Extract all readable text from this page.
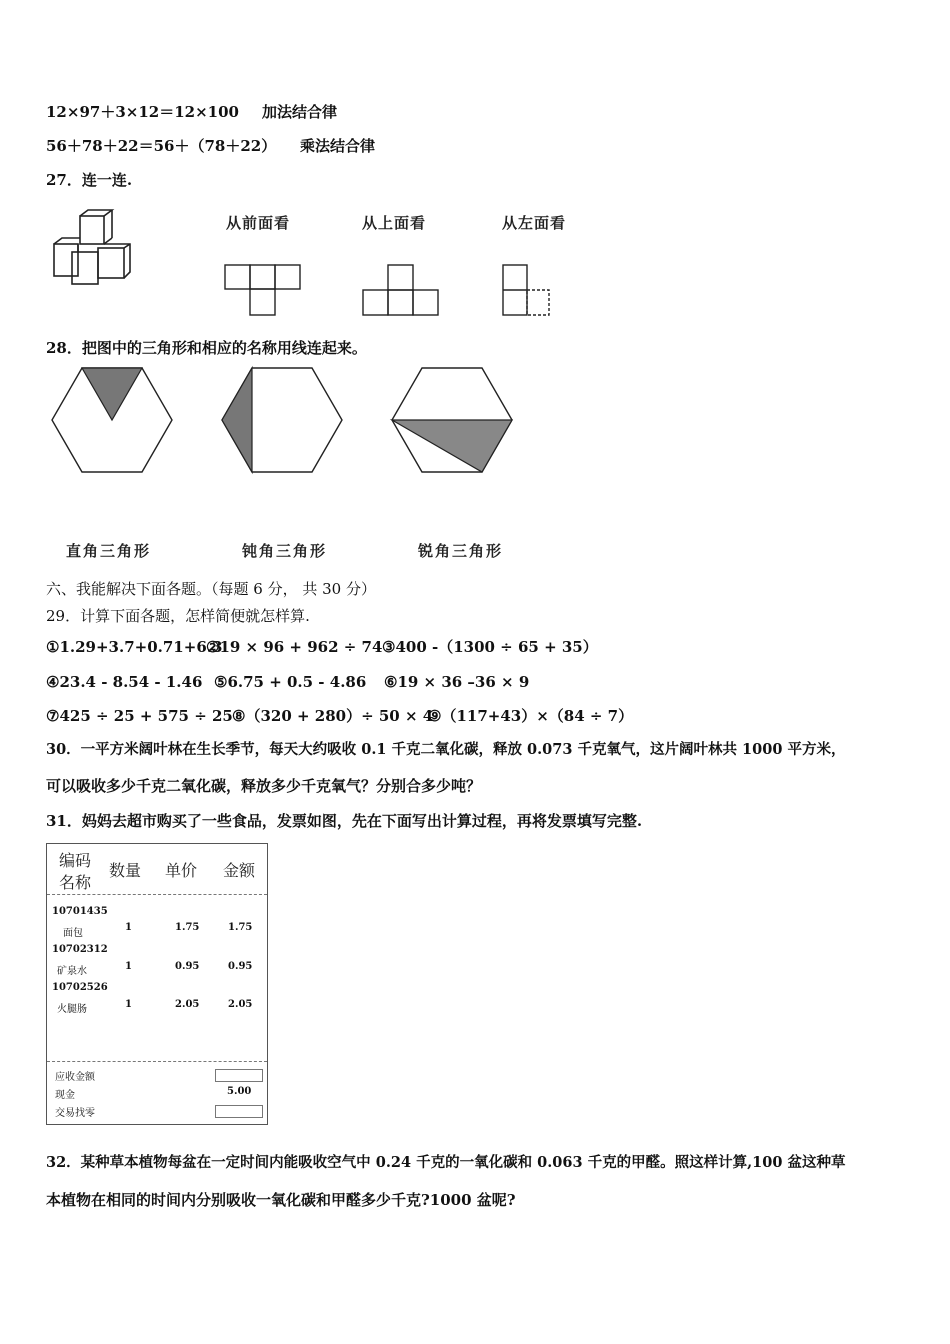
12×97＋3×12＝12×100 加法结合律
56＋78＋22＝56＋（78＋22） 乘法结合律
27．连一连.
从前面看	从上面看	从左面看
28．把图中的三角形和相应的名称用线连起来。
直角三角形	钝角三角形	锐角三角形
六、我能解决下面各题。（每题 6 分， 共 30 分）
29．计算下面各题，怎样简便就怎样算.
①1.29+3.7+0.71+6.3
②19 × 96 + 962 ÷ 74 ③400 -（1300 ÷ 65 + 35）
④23.4 - 8.54 - 1.46 ⑤6.75 + 0.5 - 4.86 ⑥19 × 36 –36 × 9
⑦425 ÷ 25 + 575 ÷ 25 ⑧（320 + 280）÷ 50 × 4
⑨（117+43）×（84 ÷ 7）
30．一平方米阔叶林在生长季节，每天大约吸收 0.1 千克二氧化碳，释放 0.073 千克氧气，这片阔叶林共 1000 平方米，
可以吸收多少千克二氧化碳，释放多少千克氧气？分别合多少吨？
31．妈妈去超市购买了一些食品，发票如图，先在下面写出计算过程，再将发票填写完整.
编码
名称
数量 单价 金额
10701435
面包
1	1.75	1.75
10702312
矿泉水	1	0.95	0.95
10702526
火腿肠	1	2.05	2.05
应收金额
现金	5.00
交易找零
32．某种草本植物每盆在一定时间内能吸收空气中 0.24 千克的一氧化碳和 0.063 千克的甲醛。照这样计算,100 盆这种草
本植物在相同的时间内分别吸收一氧化碳和甲醛多少千克?1000 盆呢?
